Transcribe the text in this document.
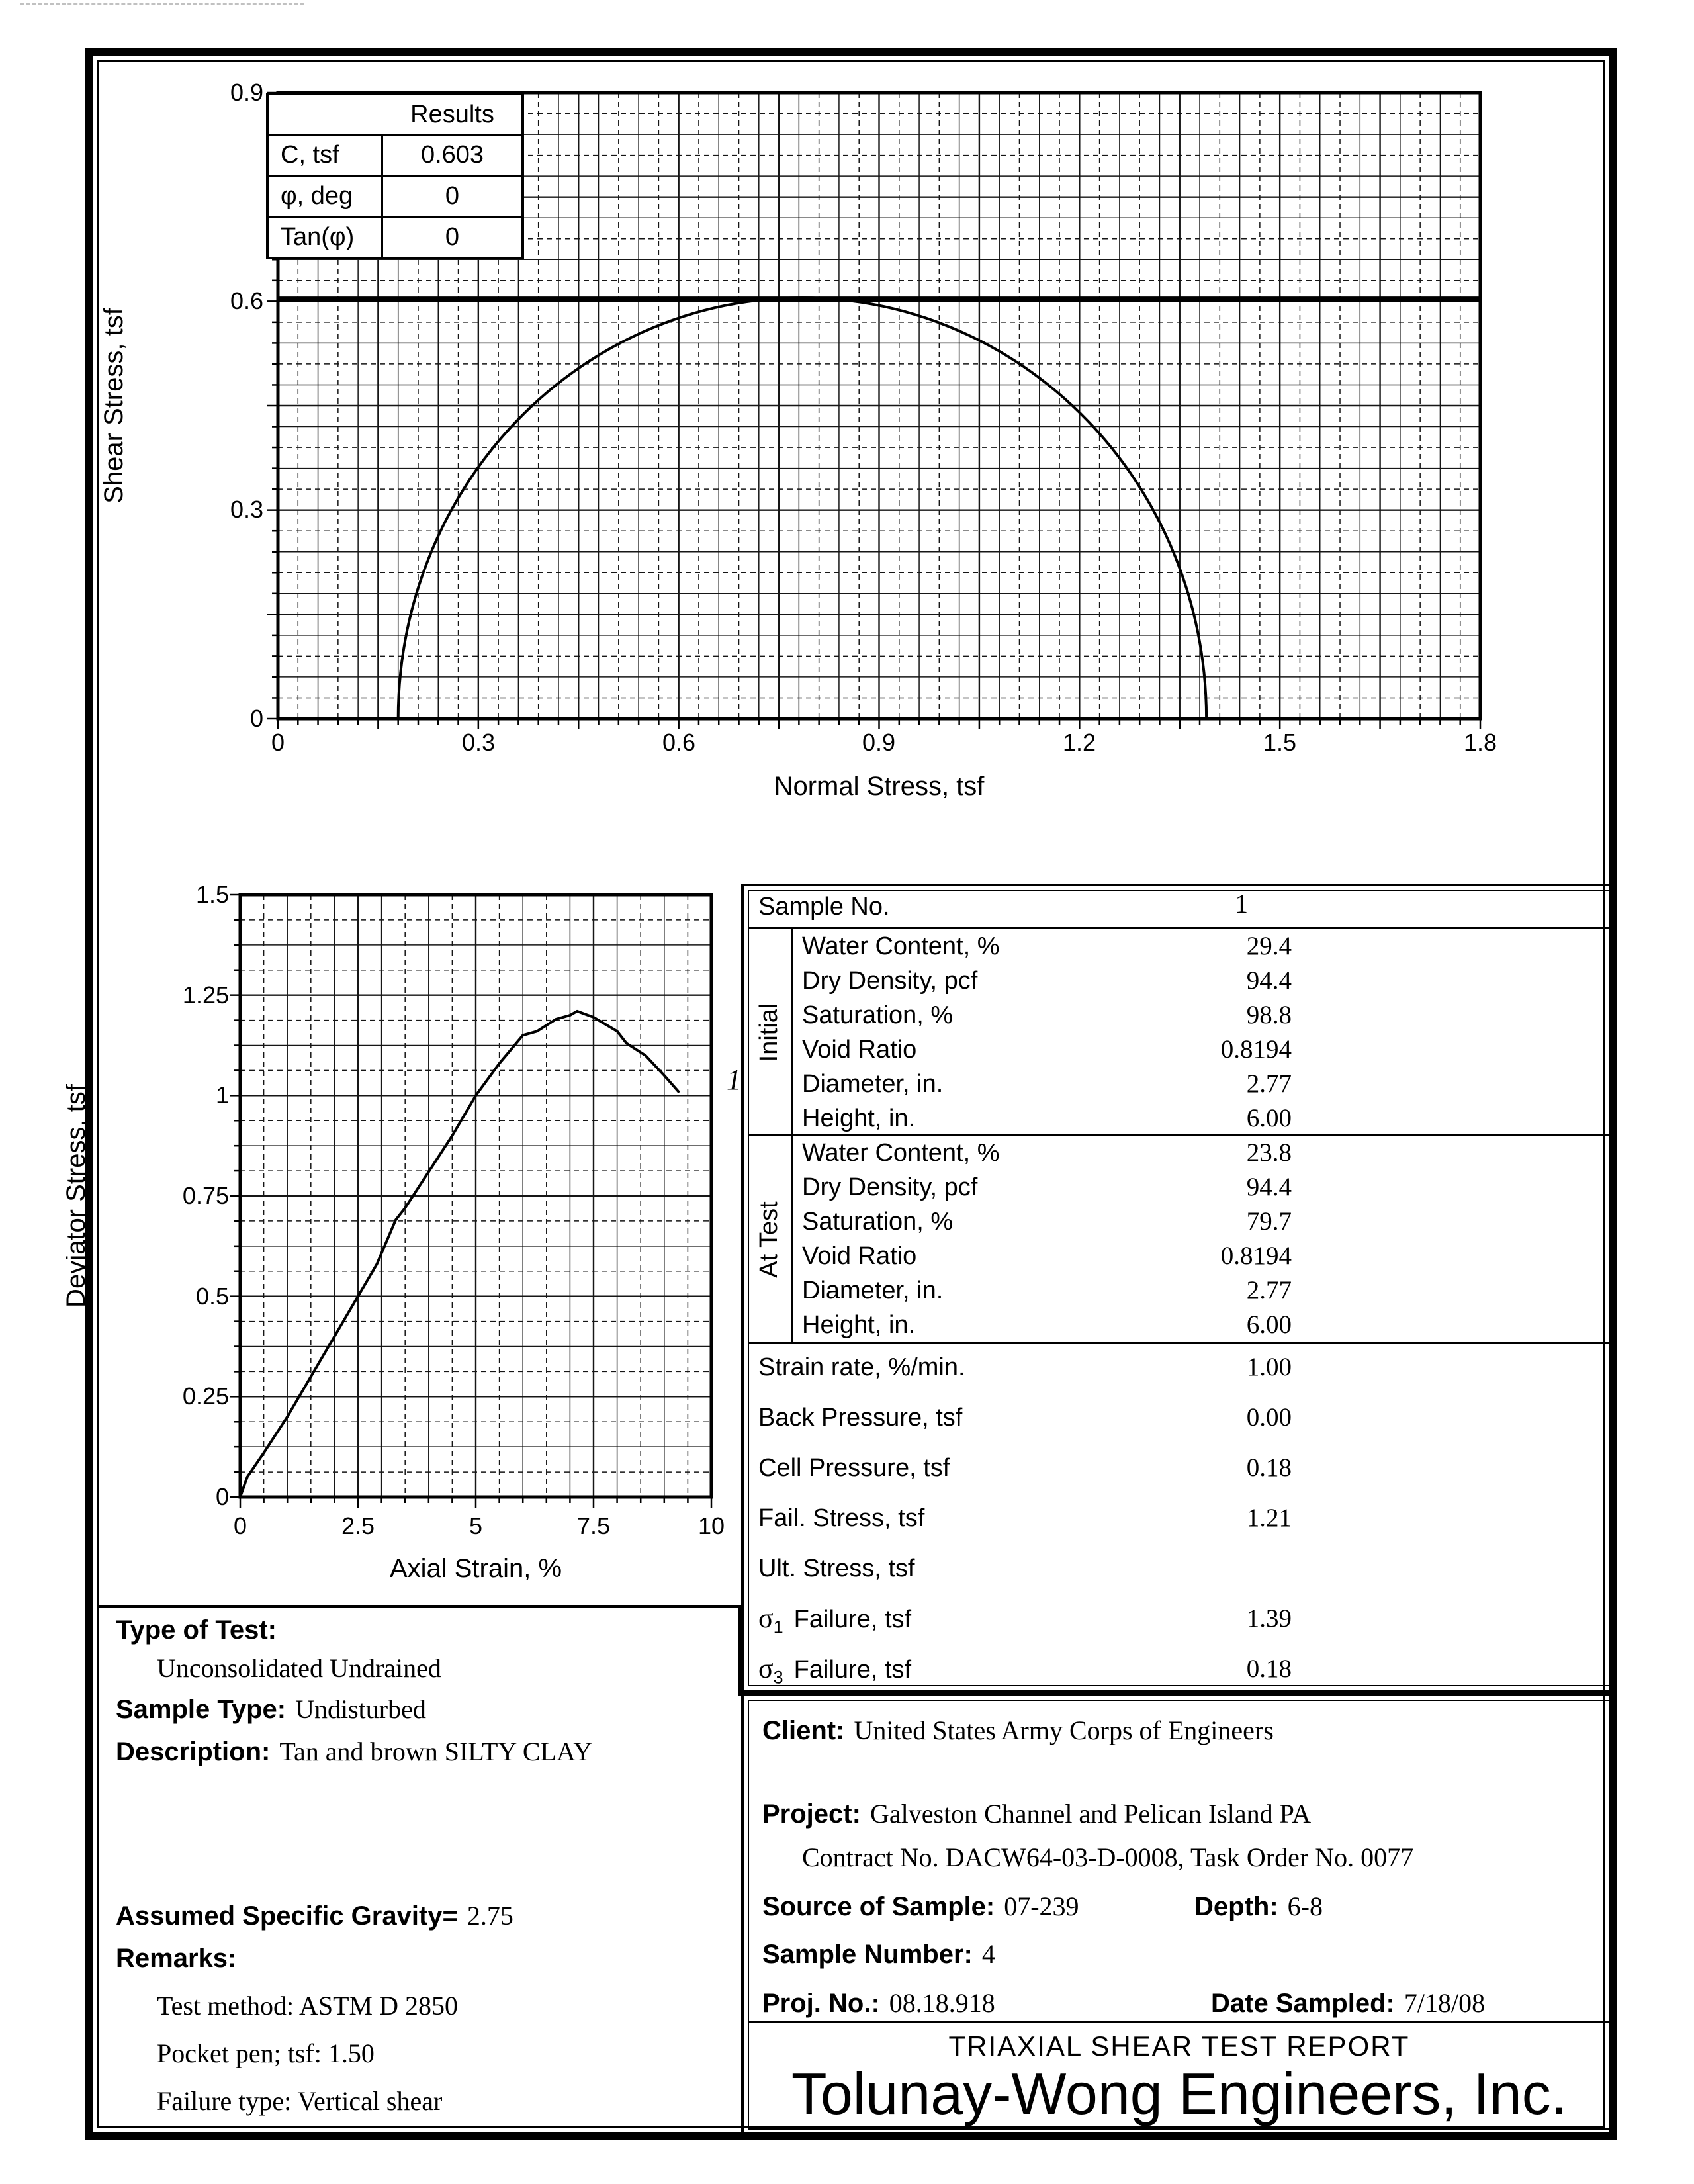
Shear Stress, tsf
0.9
0.6
0.3
0
0	0.3	0.6	0.9	1.2	1.5	1.8
Normal Stress, tsf
Results
C, tsf	0.603
φ, deg	0
Tan(φ)	0
Deviator Stress, tsf
1.5
1.25
1
0.75
0.5
0.25
0
0	2.5	5	7.5	10
Axial Strain, %
1
Sample No.	1
Initial
At Test
Water Content, %	29.4
Dry Density, pcf	94.4
Saturation, %	98.8
Void Ratio	0.8194
Diameter, in.	2.77
Height, in.	6.00
Water Content, %	23.8
Dry Density, pcf	94.4
Saturation, %	79.7
Void Ratio	0.8194
Diameter, in.	2.77
Height, in.	6.00
Strain rate, %/min.	1.00
Back Pressure, tsf	0.00
Cell Pressure, tsf	0.18
Fail. Stress, tsf	1.21
Ult. Stress, tsf
$\sigma_1$ Failure, tsf	1.39
$\sigma_3$ Failure, tsf	0.18
Type of Test:
Unconsolidated Undrained
Sample Type: Undisturbed
Description: Tan and brown SILTY CLAY
Assumed Specific Gravity= 2.75
Remarks:
Test method: ASTM D 2850
Pocket pen; tsf: 1.50
Failure type: Vertical shear
Client: United States Army Corps of Engineers
Project: Galveston Channel and Pelican Island PA
Contract No. DACW64-03-D-0008, Task Order No. 0077
Source of Sample: 07-239	Depth: 6-8
Sample Number: 4
Proj. No.: 08.18.918	Date Sampled: 7/18/08
TRIAXIAL SHEAR TEST REPORT
Tolunay-Wong Engineers, Inc.
